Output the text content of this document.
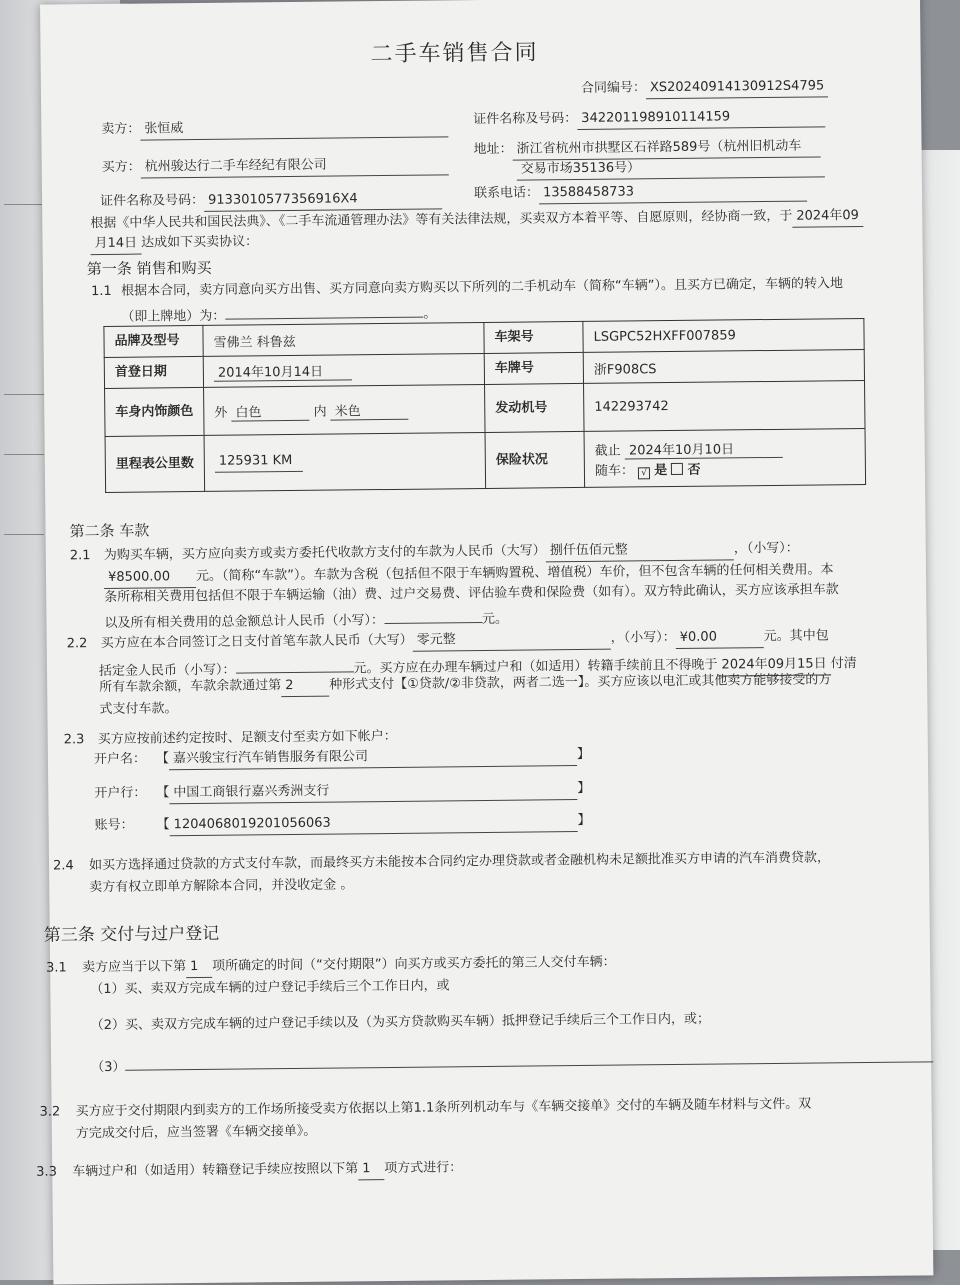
二手车销售合同
合同编号： XS20240914130912S4795
卖方： 张恒威
证件名称及号码： 342201198910114159
买方： 杭州骏达行二手车经纪有限公司
地址： 浙江省杭州市拱墅区石祥路589号（杭州旧机动车
交易市场35136号）
证件名称及号码： 9133010577356916X4	联系电话： 13588458733
根据《中华人民共和国民法典》、《二手车流通管理办法》等有关法律法规，买卖双方本着平等、自愿原则，经协商一致，于 2024年09
月14日 达成如下买卖协议：
第一条 销售和购买
1.1 根据本合同，卖方同意向买方出售、买方同意向卖方购买以下所列的二手机动车（简称“车辆”）。且买方已确定，车辆的转入地
（即上牌地）为：	。
品牌及型号	雪佛兰 科鲁兹	车架号	LSGPC52HXFF007859
首登日期	2014年10月14日	车牌号	浙F908CS
车身内饰颜色	外 白色 内 米色	发动机号	142293742
里程表公里数	125931 KM	保险状况	截止 2024年10月10日
随车： √ 是 否
第二条 车款
2.1 为购买车辆，买方应向卖方或卖方委托代收款方支付的车款为人民币（大写） 捌仟伍佰元整	，（小写）：
¥8500.00 元。（简称“车款”）。车款为含税（包括但不限于车辆购置税、增值税）车价，但不包含车辆的任何相关费用。本
条所称相关费用包括但不限于车辆运输（油）费、过户交易费、评估验车费和保险费（如有）。双方特此确认，买方应该承担车款
以及所有相关费用的总金额总计人民币（小写）：	元。
2.2 买方应在本合同签订之日支付首笔车款人民币（大写） 零元整	，（小写）： ¥0.00	元。其中包
括定金人民币（小写）：	元。买方应在办理车辆过户和（如适用）转籍手续前且不得晚于 2024年09月15日 付清
所有车款余额，车款余款通过第 2	种形式支付【①贷款/②非贷款，两者二选一】。买方应该以电汇或其他卖方能够接受的方
式支付车款。
2.3 买方应按前述约定按时、足额支付至卖方如下帐户：
开户名： 【 嘉兴骏宝行汽车销售服务有限公司	】
开户行： 【 中国工商银行嘉兴秀洲支行	】
账号： 【 1204068019201056063	】
2.4 如买方选择通过贷款的方式支付车款，而最终买方未能按本合同约定办理贷款或者金融机构未足额批准买方申请的汽车消费贷款，
卖方有权立即单方解除本合同，并没收定金 。
第三条 交付与过户登记
3.1 卖方应当于以下第 1 项所确定的时间（“交付期限”）向买方或买方委托的第三人交付车辆：
（1）买、卖双方完成车辆的过户登记手续后三个工作日内，或
（2）买、卖双方完成车辆的过户登记手续以及（为买方贷款购买车辆）抵押登记手续后三个工作日内，或；
（3）
3.2 买方应于交付期限内到卖方的工作场所接受卖方依据以上第1.1条所列机动车与《车辆交接单》交付的车辆及随车材料与文件。双
方完成交付后，应当签署《车辆交接单》。
3.3 车辆过户和（如适用）转籍登记手续应按照以下第 1 项方式进行：
